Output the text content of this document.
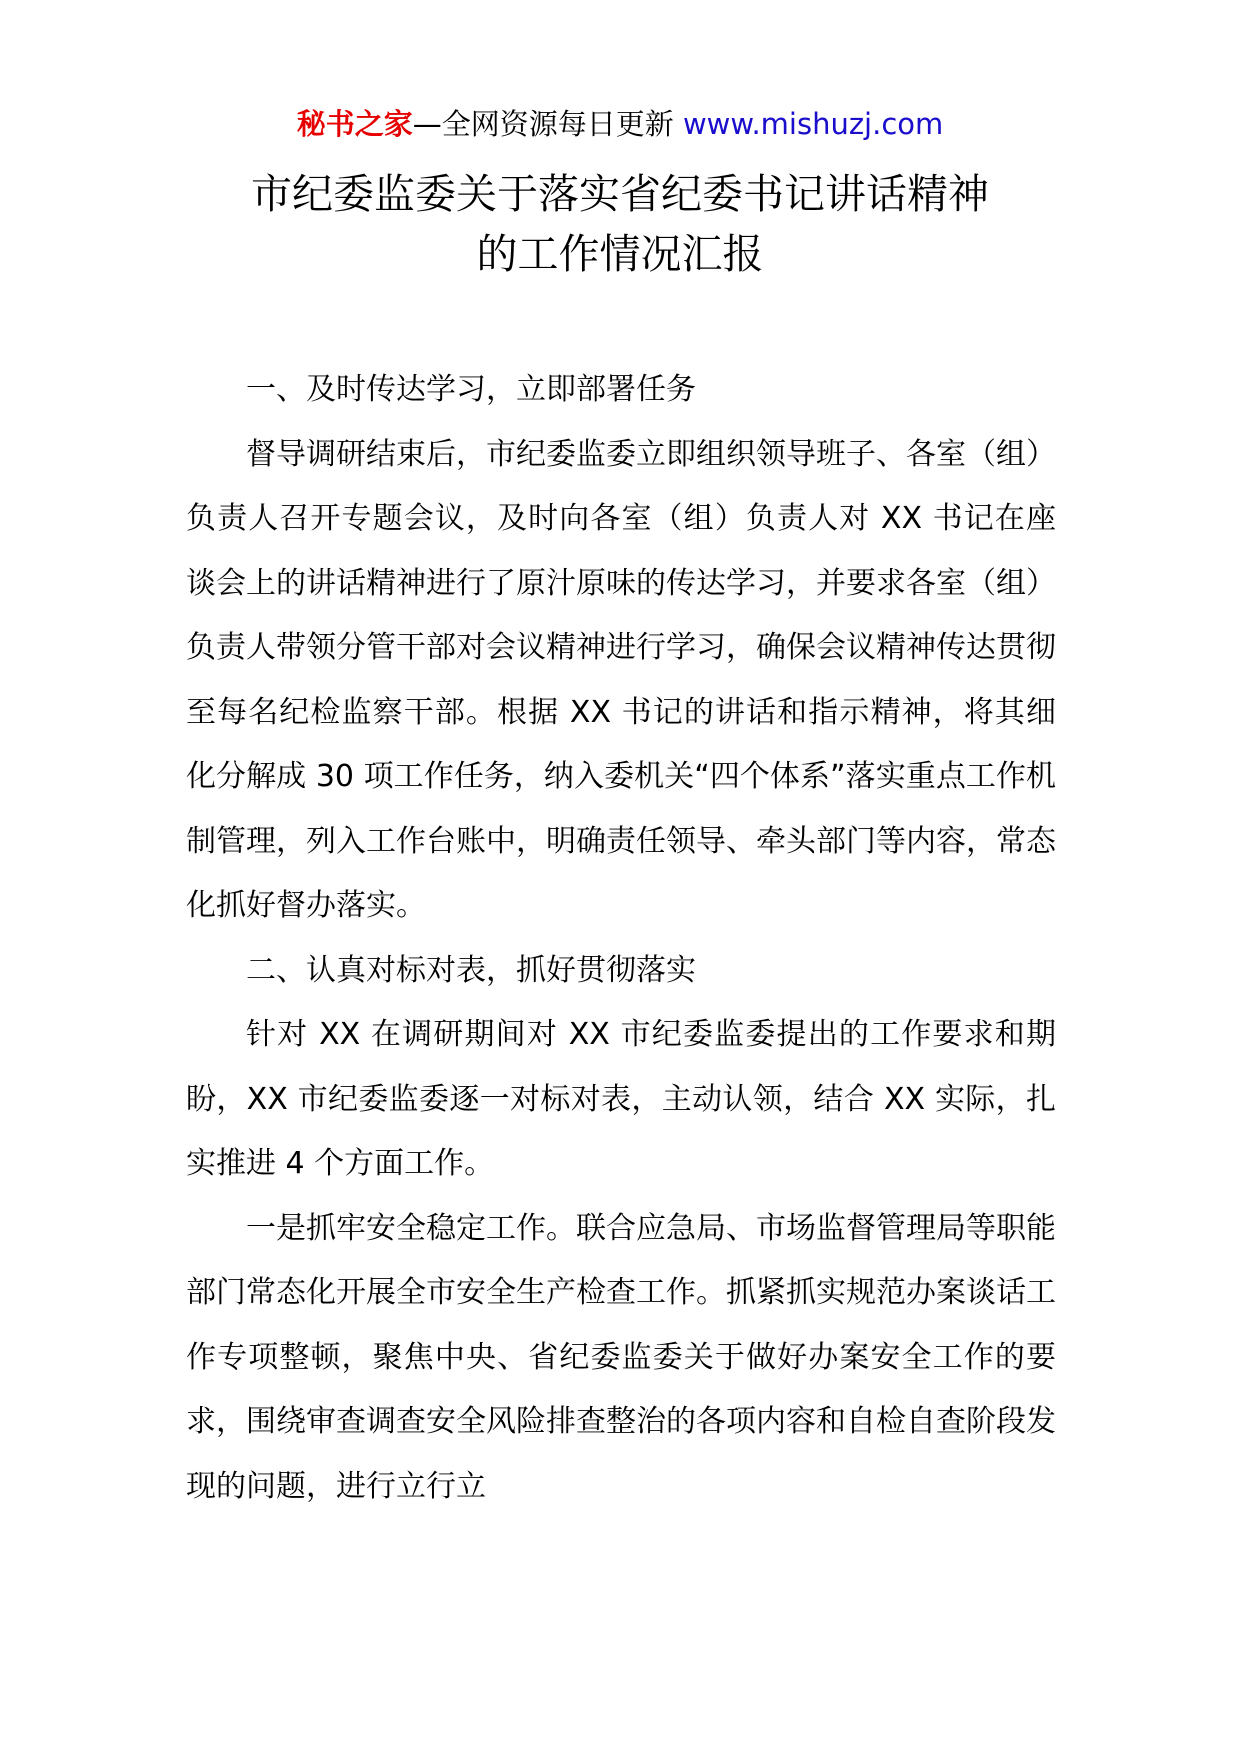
秘书之家—全网资源每日更新 www.mishuzj.com
市纪委监委关于落实省纪委书记讲话精神
的工作情况汇报

一、及时传达学习，立即部署任务

督导调研结束后，市纪委监委立即组织领导班子、各室（组）负责人召开专题会议，及时向各室（组）负责人对 XX 书记在座谈会上的讲话精神进行了原汁原味的传达学习，并要求各室（组）负责人带领分管干部对会议精神进行学习，确保会议精神传达贯彻至每名纪检监察干部。根据 XX 书记的讲话和指示精神，将其细化分解成 30 项工作任务，纳入委机关“四个体系”落实重点工作机制管理，列入工作台账中，明确责任领导、牵头部门等内容，常态化抓好督办落实。

二、认真对标对表，抓好贯彻落实

针对 XX 在调研期间对 XX 市纪委监委提出的工作要求和期盼，XX 市纪委监委逐一对标对表，主动认领，结合 XX 实际，扎实推进 4 个方面工作。

一是抓牢安全稳定工作。联合应急局、市场监督管理局等职能部门常态化开展全市安全生产检查工作。抓紧抓实规范办案谈话工作专项整顿，聚焦中央、省纪委监委关于做好办案安全工作的要求，围绕审查调查安全风险排查整治的各项内容和自检自查阶段发现的问题，进行立行立
